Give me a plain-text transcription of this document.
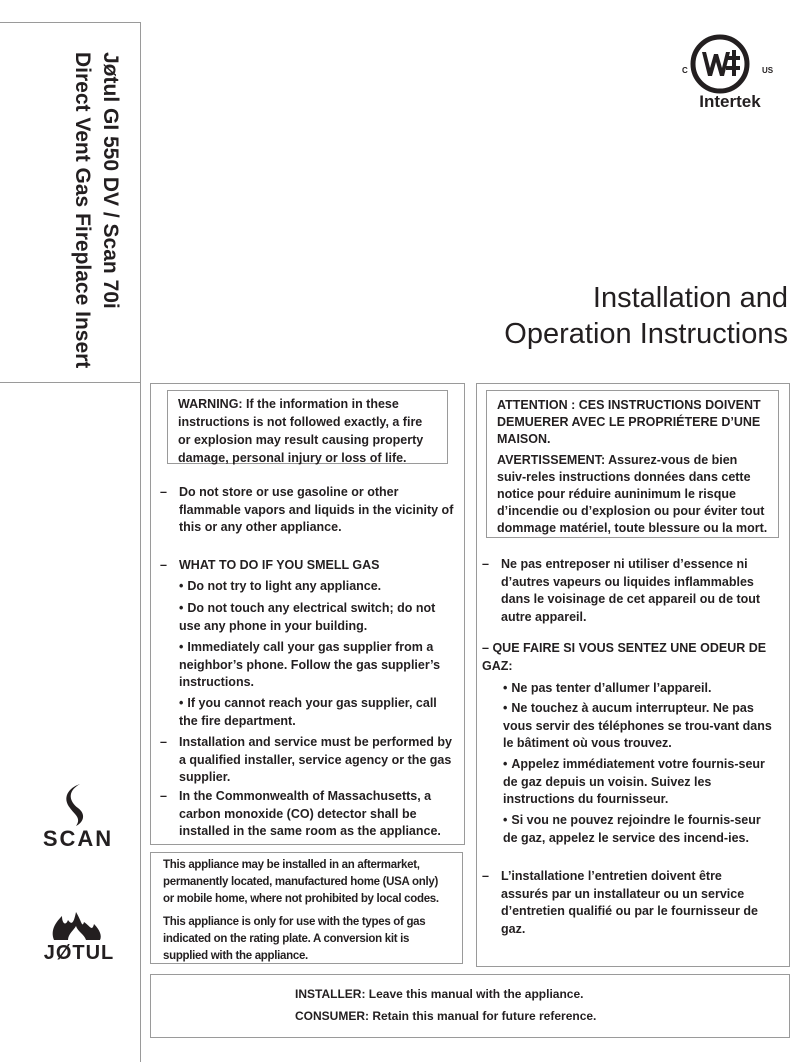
Jøtul GI 550 DV / Scan 70i
Direct Vent Gas Fireplace Insert
SCAN
JØTUL
C	US
Intertek
Installation and
Operation Instructions
WARNING: If the information in these instructions is not followed exactly, a fire or explosion may result causing property damage, personal injury or loss of life.
– Do not store or use gasoline or other flammable vapors and liquids in the vicinity of this or any other appliance.
– WHAT TO DO IF YOU SMELL GAS
• Do not try to light any appliance.
• Do not touch any electrical switch; do not use any phone in your building.
• Immediately call your gas supplier from a neighbor’s phone. Follow the gas supplier’s instructions.
• If you cannot reach your gas supplier, call the fire department.
– Installation and service must be performed by a qualified installer, service agency or the gas supplier.
– In the Commonwealth of Massachusetts, a carbon monoxide (CO) detector shall be installed in the same room as the appliance.

This appliance may be installed in an aftermarket, permanently located, manufactured home (USA only) or mobile home, where not prohibited by local codes.

This appliance is only for use with the types of gas indicated on the rating plate. A conversion kit is supplied with the appliance.

ATTENTION : CES INSTRUCTIONS DOIVENT DEMUERER AVEC LE PROPRIÉTERE D’UNE MAISON.

AVERTISSEMENT: Assurez-vous de bien suiv-reles instructions données dans cette notice pour réduire auninimum le risque d’incendie ou d’explosion ou pour éviter tout dommage matériel, toute blessure ou la mort.

– Ne pas entreposer ni utiliser d’essence ni d’autres vapeurs ou liquides inflammables dans le voisinage de cet appareil ou de tout autre appareil.
– QUE FAIRE SI VOUS SENTEZ UNE ODEUR DE GAZ:
• Ne pas tenter d’allumer l’appareil.
• Ne touchez à aucum interrupteur. Ne pas vous servir des téléphones se trou-vant dans le bâtiment où vous trouvez.
• Appelez immédiatement votre fournis-seur de gaz depuis un voisin. Suivez les instructions du fournisseur.
• Si vou ne pouvez rejoindre le fournis-seur de gaz, appelez le service des incend-ies.
– L’installatione l’entretien doivent être assurés par un installateur ou un service d’entretien qualifié ou par le fournisseur de gaz.
INSTALLER: Leave this manual with the appliance.
CONSUMER: Retain this manual for future reference.
